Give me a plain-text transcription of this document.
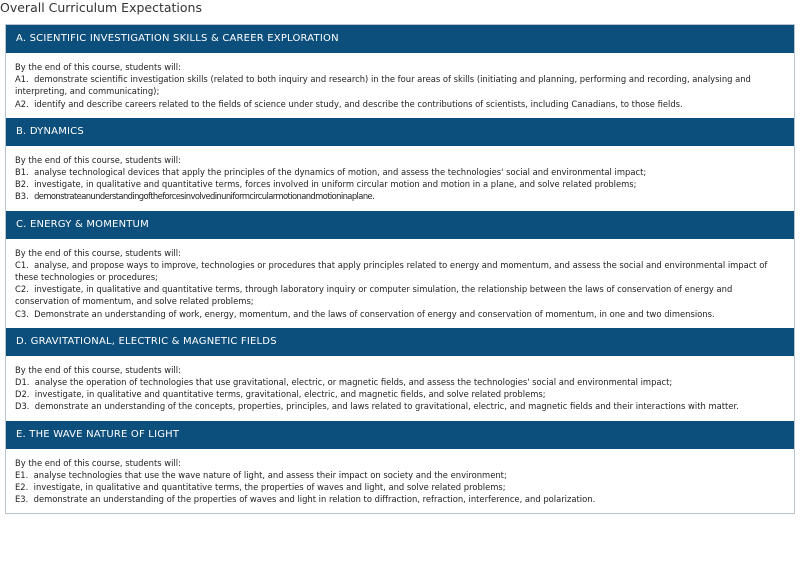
Overall Curriculum Expectations
A. SCIENTIFIC INVESTIGATION SKILLS & CAREER EXPLORATION
By the end of this course, students will:

A1. demonstrate scientific investigation skills (related to both inquiry and research) in the four areas of skills (initiating and planning, performing and recording, analysing and interpreting, and communicating);

A2. identify and describe careers related to the fields of science under study, and describe the contributions of scientists, including Canadians, to those fields.

B. DYNAMICS
By the end of this course, students will:

B1. analyse technological devices that apply the principles of the dynamics of motion, and assess the technologies' social and environmental impact;

B2. investigate, in qualitative and quantitative terms, forces involved in uniform circular motion and motion in a plane, and solve related problems;

B3. demonstrateanunderstandingoftheforcesinvolvedinuniformcircularmotionandmotioninaplane.

C. ENERGY & MOMENTUM
By the end of this course, students will:

C1. analyse, and propose ways to improve, technologies or procedures that apply principles related to energy and momentum, and assess the social and environmental impact of these technologies or procedures;

C2. investigate, in qualitative and quantitative terms, through laboratory inquiry or computer simulation, the relationship between the laws of conservation of energy and conservation of momentum, and solve related problems;

C3. Demonstrate an understanding of work, energy, momentum, and the laws of conservation of energy and conservation of momentum, in one and two dimensions.

D. GRAVITATIONAL, ELECTRIC & MAGNETIC FIELDS
By the end of this course, students will:

D1. analyse the operation of technologies that use gravitational, electric, or magnetic fields, and assess the technologies' social and environmental impact;

D2. investigate, in qualitative and quantitative terms, gravitational, electric, and magnetic fields, and solve related problems;

D3. demonstrate an understanding of the concepts, properties, principles, and laws related to gravitational, electric, and magnetic fields and their interactions with matter.

E. THE WAVE NATURE OF LIGHT
By the end of this course, students will:

E1. analyse technologies that use the wave nature of light, and assess their impact on society and the environment;

E2. investigate, in qualitative and quantitative terms, the properties of waves and light, and solve related problems;

E3. demonstrate an understanding of the properties of waves and light in relation to diffraction, refraction, interference, and polarization.
